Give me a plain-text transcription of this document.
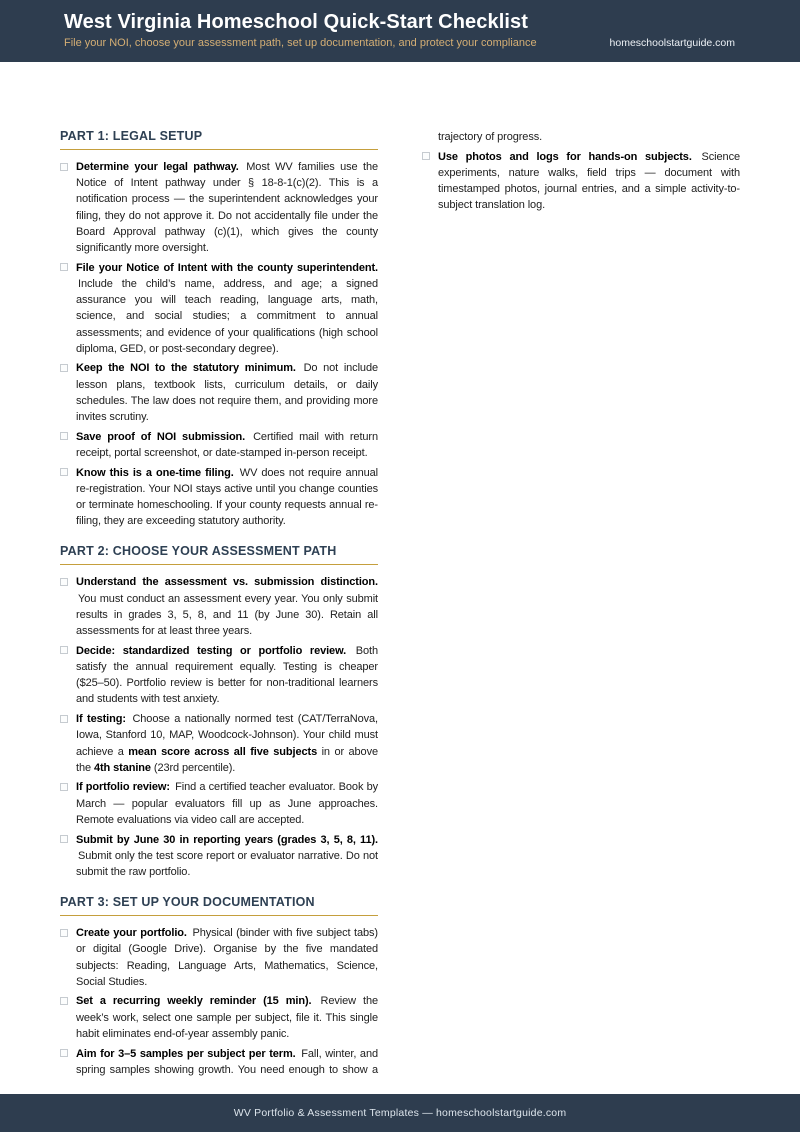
West Virginia Homeschool Quick-Start Checklist

File your NOI, choose your assessment path, set up documentation, and protect your compliance	homeschoolstartguide.com
PART 1: LEGAL SETUP
Determine your legal pathway. Most WV families use the Notice of Intent pathway under § 18-8-1(c)(2). This is a notification process — the superintendent acknowledges your filing, they do not approve it. Do not accidentally file under the Board Approval pathway (c)(1), which gives the county significantly more oversight.
File your Notice of Intent with the county superintendent. Include the child’s name, address, and age; a signed assurance you will teach reading, language arts, math, science, and social studies; a commitment to annual assessments; and evidence of your qualifications (high school diploma, GED, or post-secondary degree).
Keep the NOI to the statutory minimum. Do not include lesson plans, textbook lists, curriculum details, or daily schedules. The law does not require them, and providing more invites scrutiny.
Save proof of NOI submission. Certified mail with return receipt, portal screenshot, or date-stamped in-person receipt.
Know this is a one-time filing. WV does not require annual re-registration. Your NOI stays active until you change counties or terminate homeschooling. If your county requests annual re-filing, they are exceeding statutory authority.
PART 2: CHOOSE YOUR ASSESSMENT PATH
Understand the assessment vs. submission distinction. You must conduct an assessment every year. You only submit results in grades 3, 5, 8, and 11 (by June 30). Retain all assessments for at least three years.
Decide: standardized testing or portfolio review. Both satisfy the annual requirement equally. Testing is cheaper ($25–50). Portfolio review is better for non-traditional learners and students with test anxiety.
If testing: Choose a nationally normed test (CAT/TerraNova, Iowa, Stanford 10, MAP, Woodcock-Johnson). Your child must achieve a mean score across all five subjects in or above the 4th stanine (23rd percentile).
If portfolio review: Find a certified teacher evaluator. Book by March — popular evaluators fill up as June approaches. Remote evaluations via video call are accepted.
Submit by June 30 in reporting years (grades 3, 5, 8, 11). Submit only the test score report or evaluator narrative. Do not submit the raw portfolio.
PART 3: SET UP YOUR DOCUMENTATION
Create your portfolio. Physical (binder with five subject tabs) or digital (Google Drive). Organise by the five mandated subjects: Reading, Language Arts, Mathematics, Science, Social Studies.
Set a recurring weekly reminder (15 min). Review the week’s work, select one sample per subject, file it. This single habit eliminates end-of-year assembly panic.
Aim for 3–5 samples per subject per term. Fall, winter, and spring samples showing growth. You need enough to show a trajectory of progress.
Use photos and logs for hands-on subjects. Science experiments, nature walks, field trips — document with timestamped photos, journal entries, and a simple activity-to-subject translation log.
WV Portfolio & Assessment Templates — homeschoolstartguide.com
